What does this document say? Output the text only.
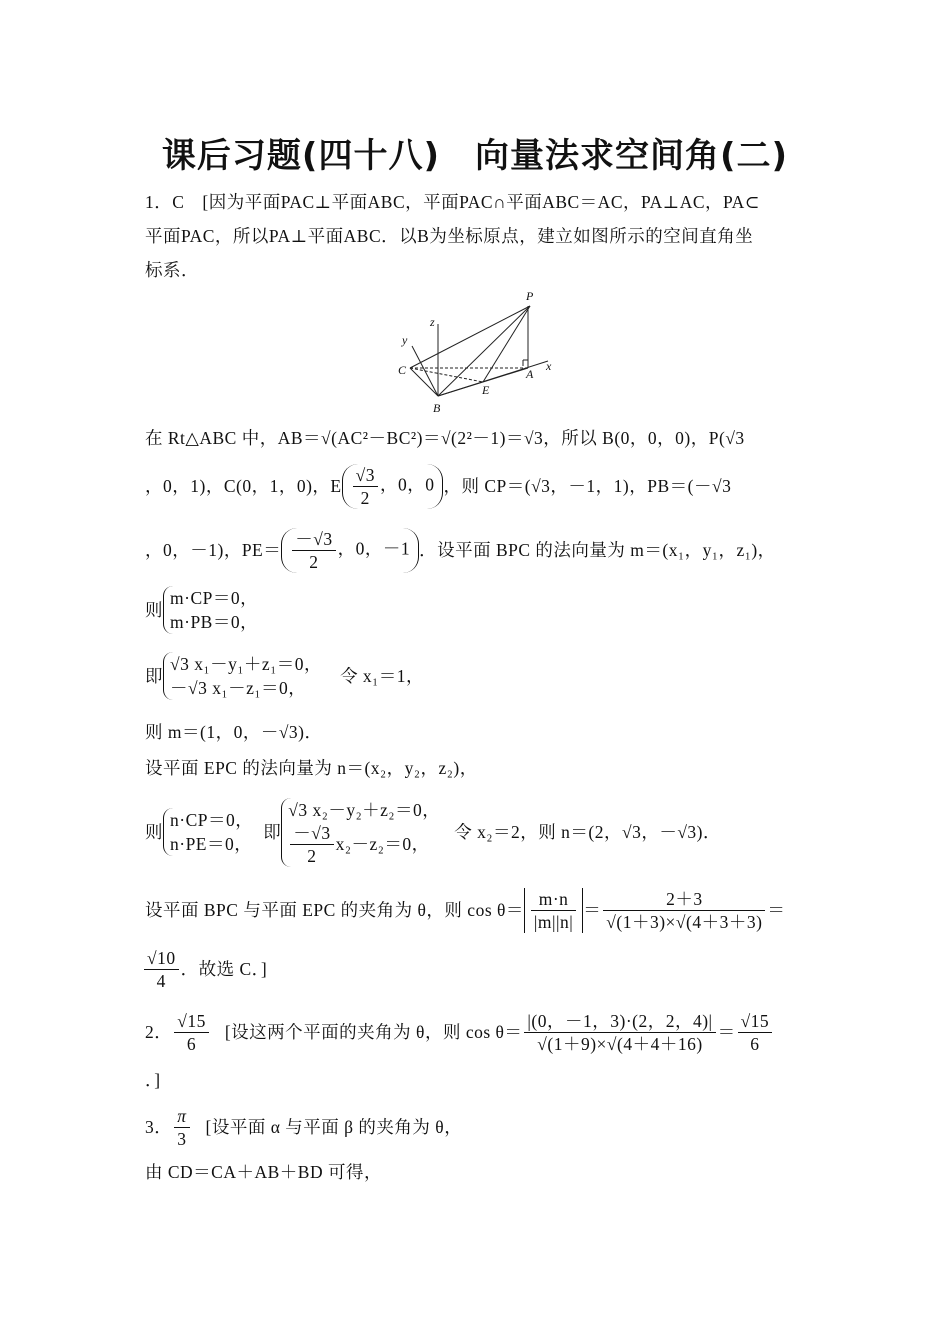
课后习题(四十八)　向量法求空间角(二)
1．C　[因为平面PAC⊥平面ABC，平面PAC∩平面ABC＝AC，PA⊥AC，PA⊂
平面PAC，所以PA⊥平面ABC．以B为坐标原点，建立如图所示的空间直角坐
标系．
P
A
B
C
E
x
y
z
在 Rt△ABC 中，AB＝√(AC²－BC²)＝√(2²－1)＝√3，所以 B(0，0，0)，P(√3
，0，1)，C(0，1，0)，E $\frac{√3}{2}$ ，0，0 ，则 CP＝(√3，－1，1)，PB＝(－√3
，0，－1)，$PE= \frac{-√3}{2}$ ，0，－1 ．设平面 BPC 的法向量为 m＝(x₁，y₁，z₁)，
则
m·CP＝0，
m·PB＝0，
即
√3 x₁－y₁＋z₁＝0，
－√3 x₁－z₁＝0，
令 x₁＝1，
则 m＝(1，0，－√3)．
设平面 EPC 的法向量为 n＝(x₂，y₂，z₂)，
则
n·CP＝0，
n·PE＝0，
即
√3 x₂－y₂＋z₂＝0，
$\frac{-√3}{2} x_2-z_2=0$，
令 x₂＝2，则 n＝(2，√3，－√3)．
设平面 BPC 与平面 EPC 的夹角为 θ，则 $\cos \theta= \frac{m\cdot n}{|m||n|} = \frac{2+3}{√(1+3)\times√(4+3+3)}$ ＝
$\frac{√10}{4}$ ．故选 C．]
2． $\frac{√15}{6}$ [设这两个平面的夹角为 θ，则 $\cos \theta= \frac{|(0,-1,3)\cdot(2,2,4)|}{√(1+9)\times√(4+4+16)} = \frac{√15}{6}$
．]
3． $\frac{\pi}{3}$ [设平面 α 与平面 β 的夹角为 θ，
由 CD＝CA＋AB＋BD 可得，
